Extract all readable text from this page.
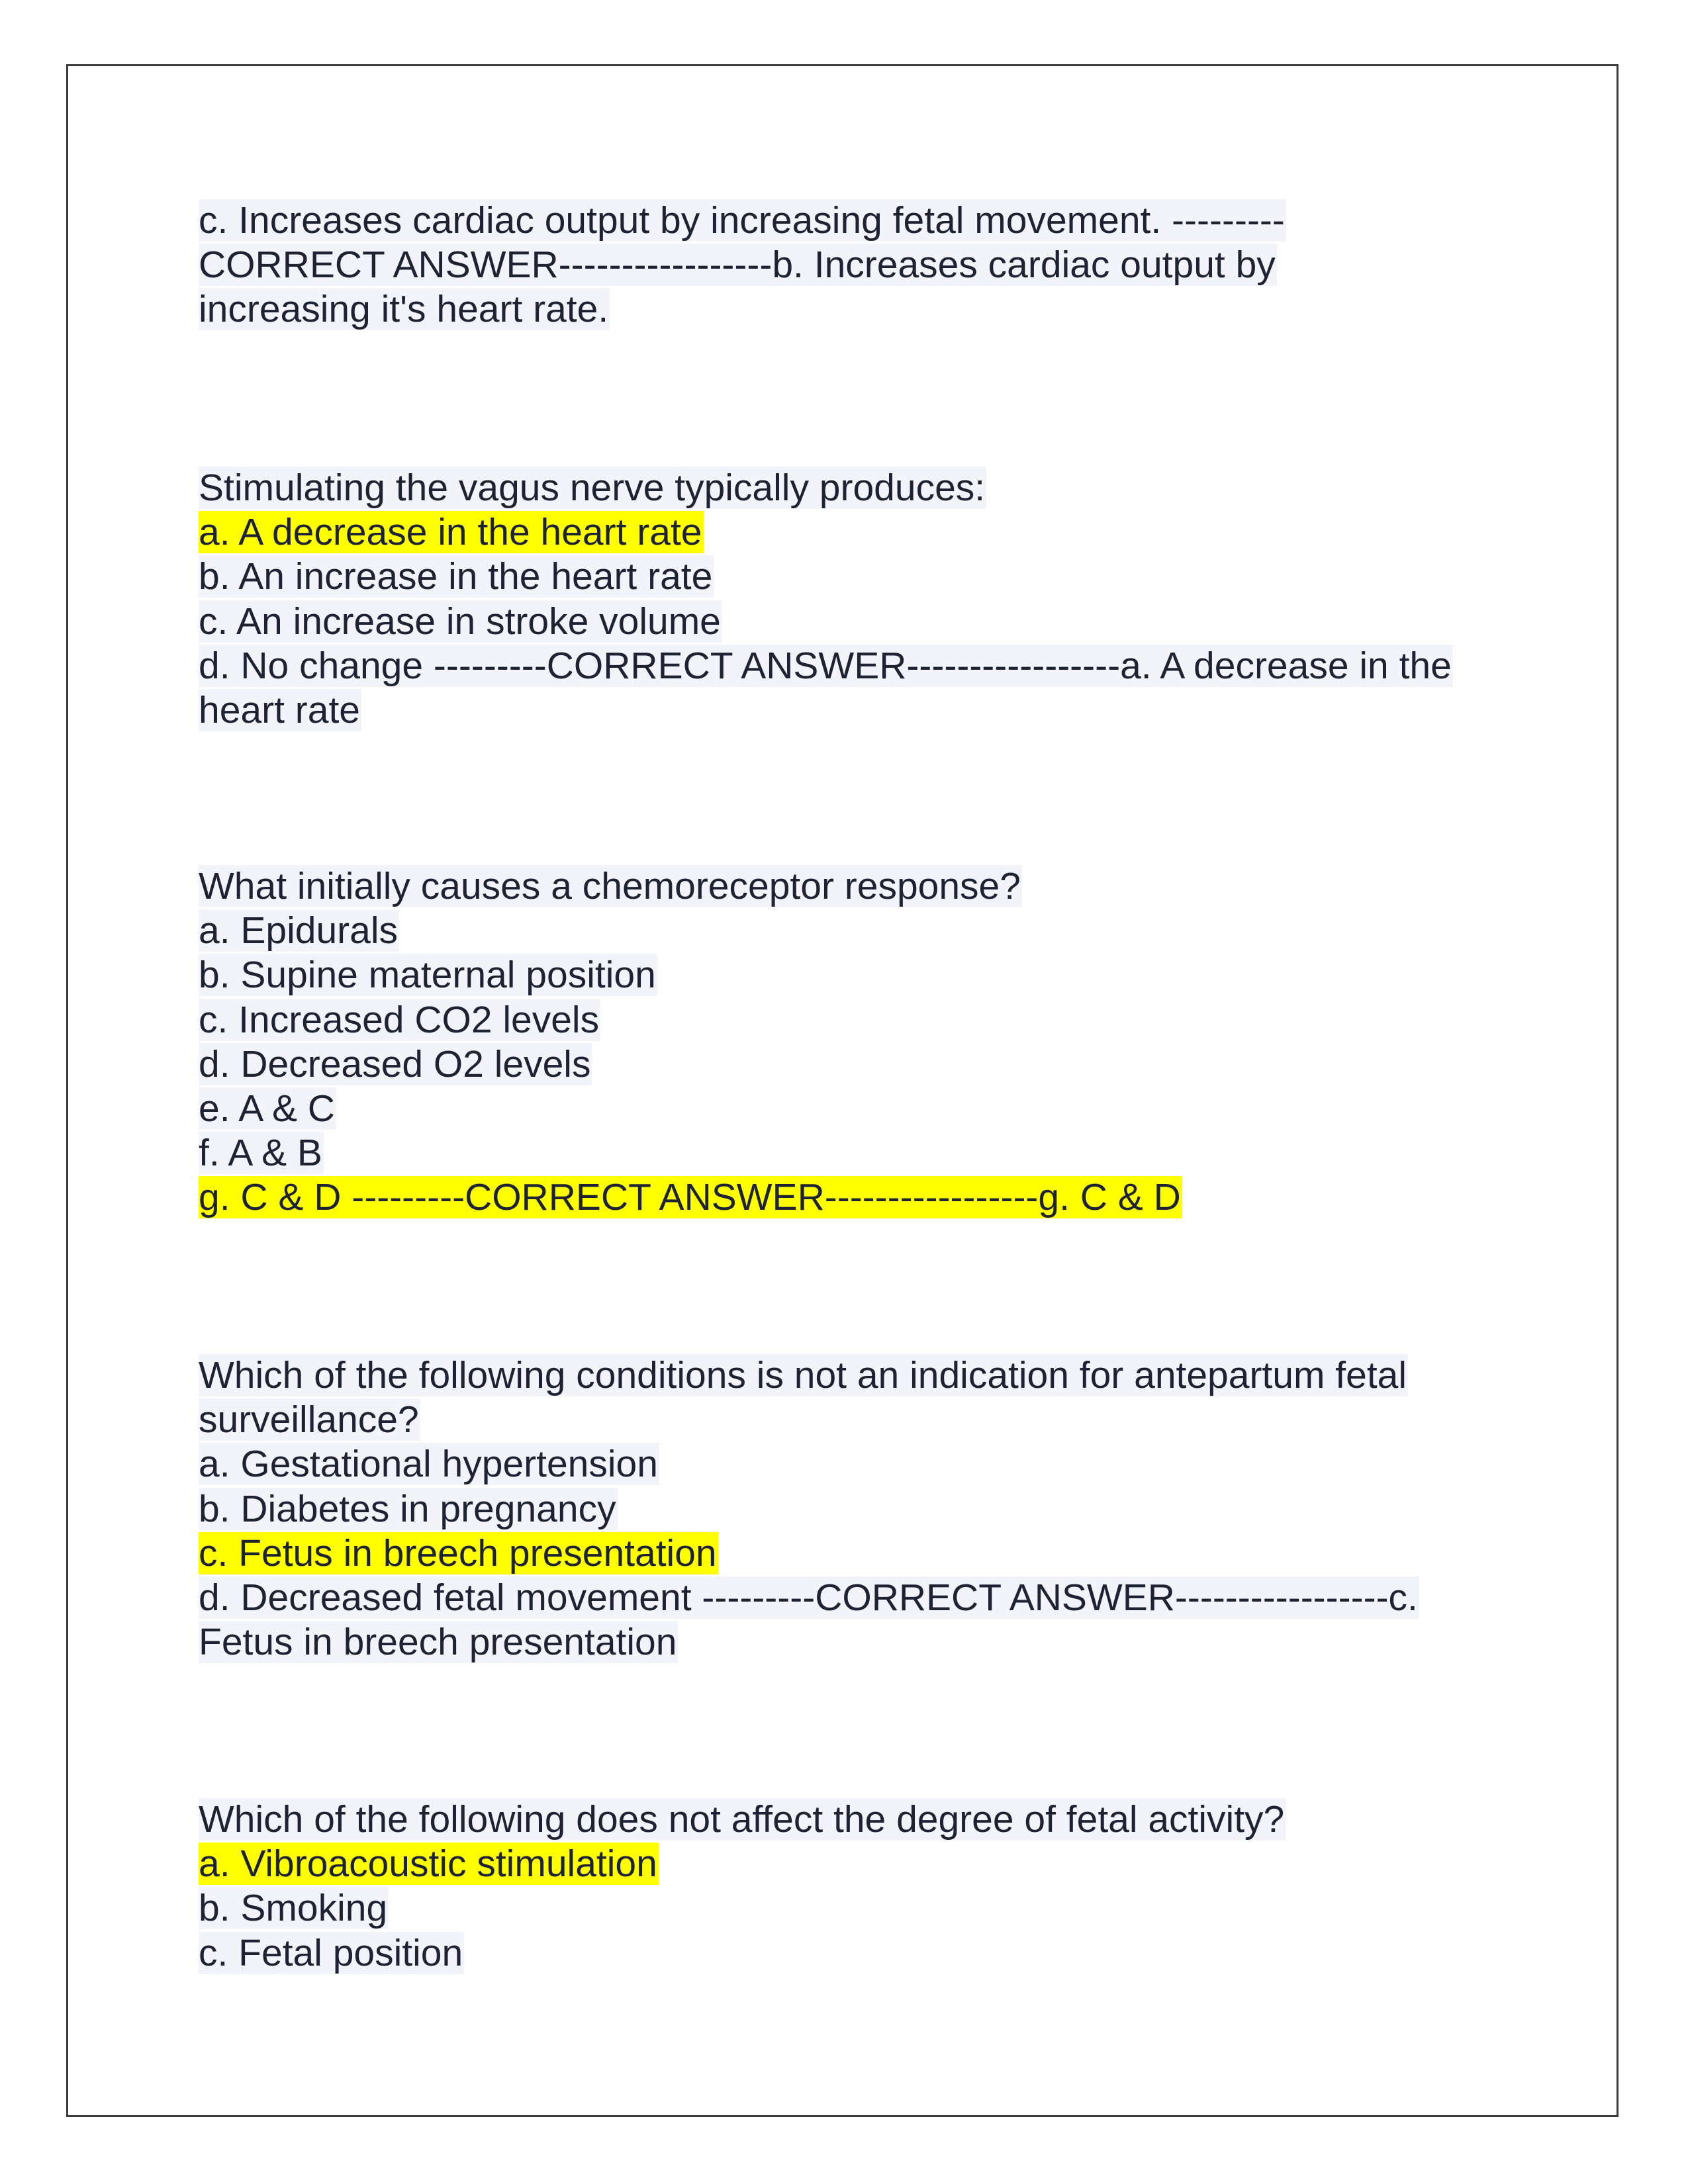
c. Increases cardiac output by increasing fetal movement. ---------
CORRECT ANSWER-----------------b. Increases cardiac output by
increasing it's heart rate.
Stimulating the vagus nerve typically produces:
a. A decrease in the heart rate
b. An increase in the heart rate
c. An increase in stroke volume
d. No change ---------CORRECT ANSWER-----------------a. A decrease in the
heart rate
What initially causes a chemoreceptor response?
a. Epidurals
b. Supine maternal position
c. Increased CO2 levels
d. Decreased O2 levels
e. A & C
f. A & B
g. C & D ---------CORRECT ANSWER-----------------g. C & D
Which of the following conditions is not an indication for antepartum fetal
surveillance?
a. Gestational hypertension
b. Diabetes in pregnancy
c. Fetus in breech presentation
d. Decreased fetal movement ---------CORRECT ANSWER-----------------c.
Fetus in breech presentation
Which of the following does not affect the degree of fetal activity?
a. Vibroacoustic stimulation
b. Smoking
c. Fetal position
